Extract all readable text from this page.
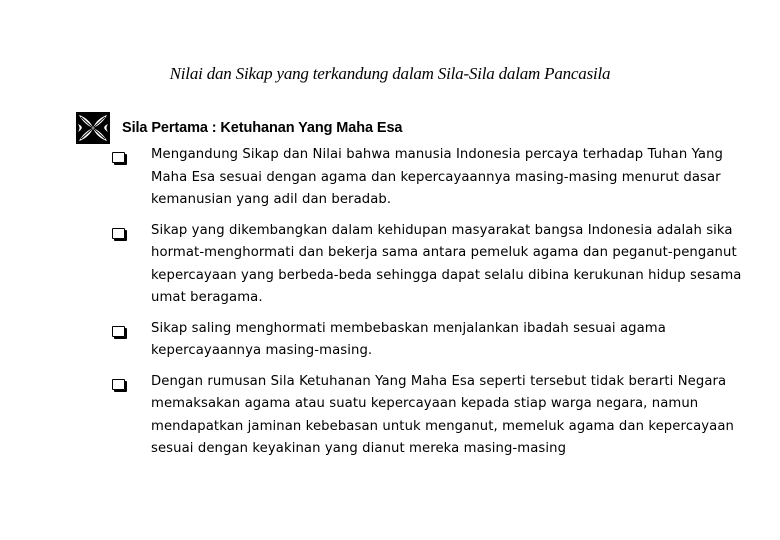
Nilai dan Sikap yang terkandung dalam Sila-Sila dalam Pancasila
Sila Pertama : Ketuhanan Yang Maha Esa
Mengandung Sikap dan Nilai bahwa manusia Indonesia percaya terhadap Tuhan Yang Maha Esa sesuai dengan agama dan kepercayaannya masing-masing menurut dasar kemanusian yang adil dan beradab.
Sikap yang dikembangkan dalam kehidupan masyarakat bangsa Indonesia adalah sika hormat-menghormati dan bekerja sama antara pemeluk agama dan peganut-penganut kepercayaan yang berbeda-beda sehingga dapat selalu dibina kerukunan hidup sesama umat beragama.
Sikap saling menghormati membebaskan menjalankan ibadah sesuai agama kepercayaannya masing-masing.
Dengan rumusan Sila Ketuhanan Yang Maha Esa seperti tersebut tidak berarti Negara memaksakan agama atau suatu kepercayaan kepada stiap warga negara, namun mendapatkan jaminan kebebasan untuk menganut, memeluk agama dan kepercayaan sesuai dengan keyakinan yang dianut mereka masing-masing
